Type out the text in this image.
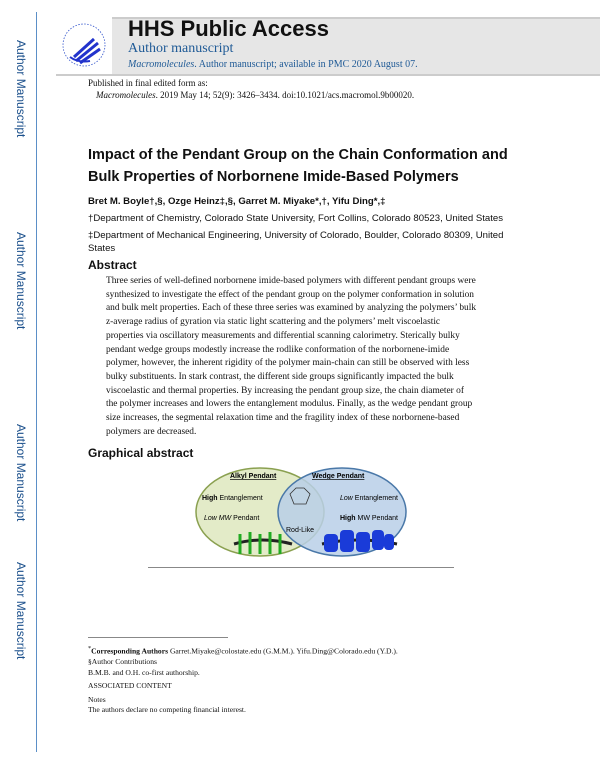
Author Manuscript
Author Manuscript
Author Manuscript
Author Manuscript
HHS Public Access
Author manuscript
Macromolecules. Author manuscript; available in PMC 2020 August 07.
Published in final edited form as:
Macromolecules. 2019 May 14; 52(9): 3426–3434. doi:10.1021/acs.macromol.9b00020.
Impact of the Pendant Group on the Chain Conformation and
Bulk Properties of Norbornene Imide-Based Polymers
Bret M. Boyle†,§, Ozge Heinz‡,§, Garret M. Miyake*,†, Yifu Ding*,‡
†Department of Chemistry, Colorado State University, Fort Collins, Colorado 80523, United States
‡Department of Mechanical Engineering, University of Colorado, Boulder, Colorado 80309, United
States
Abstract
Three series of well-defined norbornene imide-based polymers with different pendant groups were
synthesized to investigate the effect of the pendant group on the polymer conformation in solution
and bulk melt properties. Each of these three series was examined by analyzing the polymers’ bulk
z-average radius of gyration via static light scattering and the polymers’ melt viscoelastic
properties via oscillatory measurements and differential scanning calorimetry. Sterically bulky
pendant wedge groups modestly increase the rodlike conformation of the norbornene-imide
polymer, however, the inherent rigidity of the polymer main-chain can still be observed with less
bulky substituents. In stark contrast, the different side groups significantly impacted the bulk
viscoelastic and thermal properties. By increasing the pendant group size, the chain diameter of
the polymer increases and lowers the entanglement modulus. Finally, as the wedge pendant group
size increases, the segmental relaxation time and the fragility index of these norbornene-based
polymers are decreased.
Graphical abstract
Alkyl Pendant	Wedge Pendant
High Entanglement
Low MW Pendant
Low Entanglement
High MW Pendant
Rod-Like
*Corresponding Authors Garret.Miyake@colostate.edu (G.M.M.). Yifu.Ding@Colorado.edu (Y.D.).
§Author Contributions
B.M.B. and O.H. co-first authorship.
ASSOCIATED CONTENT
Notes
The authors declare no competing financial interest.
